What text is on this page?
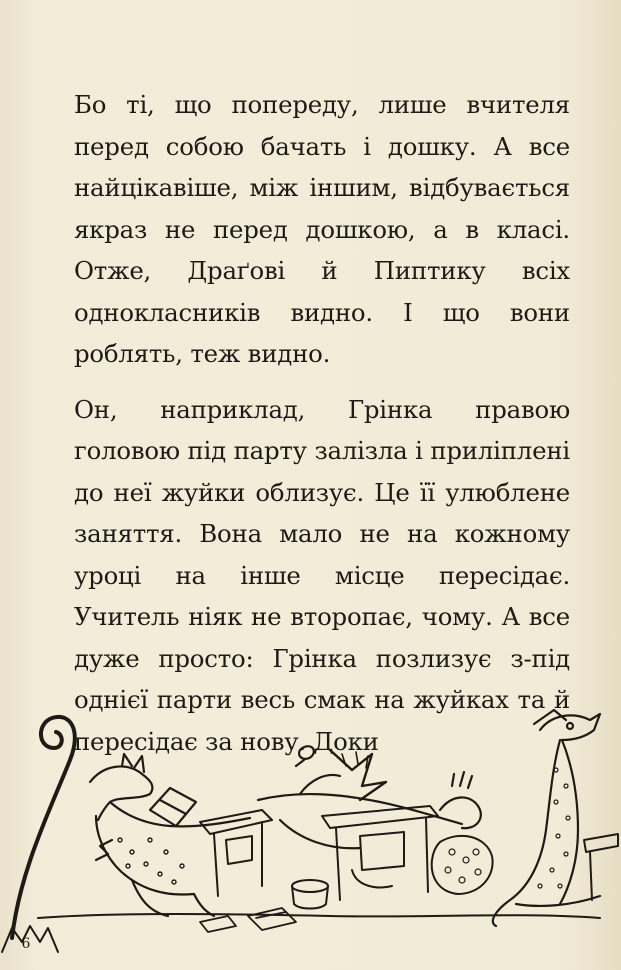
Бо ті, що попереду, лише вчителя перед собою бачать і дошку. А все найцікавіше, між іншим, відбувається якраз не перед дошкою, а в класі. Отже, Драґові й Пиптику всіх однокласників видно. І що вони роблять, теж видно.

Он, наприклад, Грінка правою головою під парту залізла і приліплені до неї жуйки облизує. Це її улюблене заняття. Вона мало не на кожному уроці на інше місце пересідає. Учитель ніяк не второпає, чому. А все дуже просто: Грінка позлизує з-під однієї парти весь смак на жуйках та й пересідає за нову. Доки

6
